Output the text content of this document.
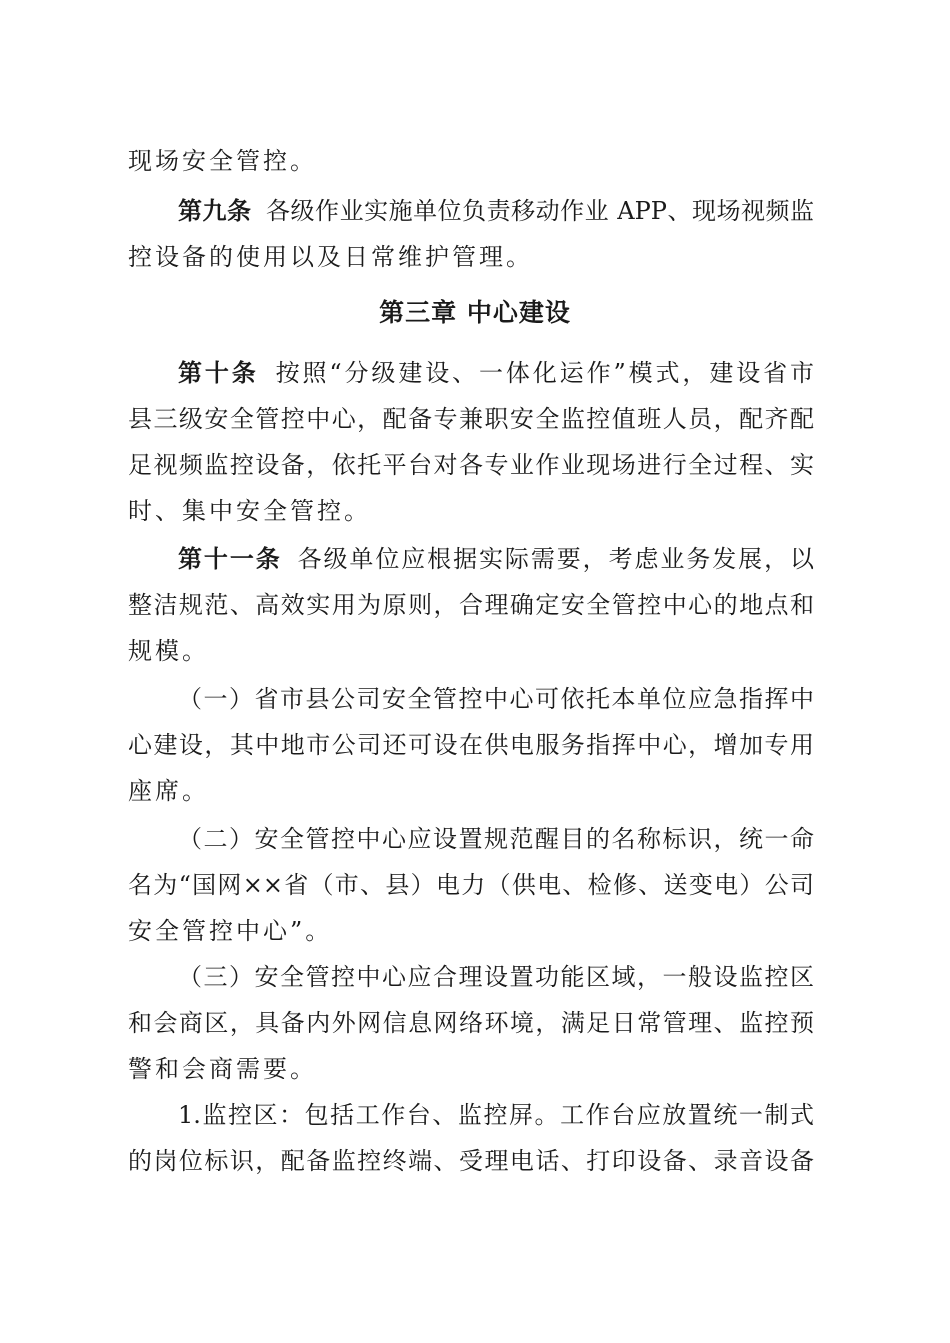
现场安全管控。
第九条 各级作业实施单位负责移动作业 APP、现场视频监
控设备的使用以及日常维护管理。
第三章 中心建设
第十条 按照“分级建设、一体化运作”模式，建设省市
县三级安全管控中心，配备专兼职安全监控值班人员，配齐配
足视频监控设备，依托平台对各专业作业现场进行全过程、实
时、集中安全管控。
第十一条 各级单位应根据实际需要，考虑业务发展，以
整洁规范、高效实用为原则，合理确定安全管控中心的地点和
规模。
（一）省市县公司安全管控中心可依托本单位应急指挥中
心建设，其中地市公司还可设在供电服务指挥中心，增加专用
座席。
（二）安全管控中心应设置规范醒目的名称标识，统一命
名为“国网××省（市、县）电力（供电、检修、送变电）公司
安全管控中心”。
（三）安全管控中心应合理设置功能区域，一般设监控区
和会商区，具备内外网信息网络环境，满足日常管理、监控预
警和会商需要。
1.监控区：包括工作台、监控屏。工作台应放置统一制式
的岗位标识，配备监控终端、受理电话、打印设备、录音设备
